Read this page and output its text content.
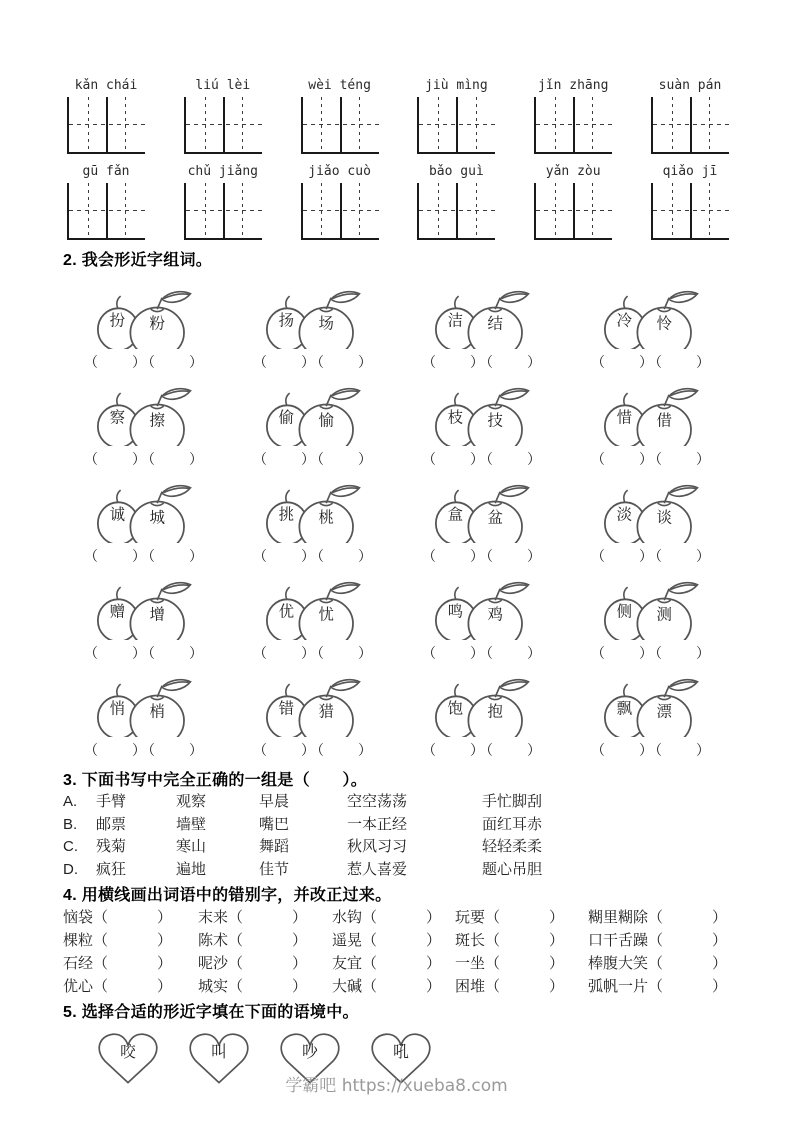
kǎn chái	liú lèi	wèi téng	jiù mìng	jǐn zhāng	suàn pán
gū fǎn	chǔ jiǎng	jiǎo cuò	bǎo guì	yǎn zòu	qiǎo jī

2. 我会形近字组词。

扮 粉
（　　）（　　）
扬 场
（　　）（　　）
洁 结
（　　）（　　）
冷 怜
（　　）（　　）
察 擦
（　　）（　　）
偷 愉
（　　）（　　）
枝 技
（　　）（　　）
惜 借
（　　）（　　）
诚 城
（　　）（　　）
挑 桃
（　　）（　　）
盒 盆
（　　）（　　）
淡 谈
（　　）（　　）
赠 增
（　　）（　　）
优 忧
（　　）（　　）
鸣 鸡
（　　）（　　）
侧 测
（　　）（　　）
悄 梢
（　　）（　　）
错 猎
（　　）（　　）
饱 抱
（　　）（　　）
飘 漂
（　　）（　　）

3. 下面书写中完全正确的一组是（　　）。

A.	手臂	观察	早晨	空空荡荡	手忙脚刮
B.	邮票	墙壁	嘴巴	一本正经	面红耳赤
C.	残菊	寒山	舞蹈	秋风习习	轻轻柔柔
D.	疯狂	遍地	佳节	惹人喜爱	题心吊胆

4. 用横线画出词语中的错别字，并改正过来。

恼袋（　　　）	末来（　　　）	水钩（　　　） 玩要（　　　）	糊里糊除（　　　）
棵粒（　　　）	陈术（　　　）	遥晃（　　　） 斑长（　　　）	口干舌躁（　　　）
石经（　　　）	呢沙（　　　）	友宜（　　　） 一坐（　　　）	棒腹大笑（　　　）
优心（　　　）	城实（　　　）	大碱（　　　） 困堆（　　　）	弧帆一片（　　　）

5. 选择合适的形近字填在下面的语境中。

咬	叫	吵	吼
学霸吧 https://xueba8.com
